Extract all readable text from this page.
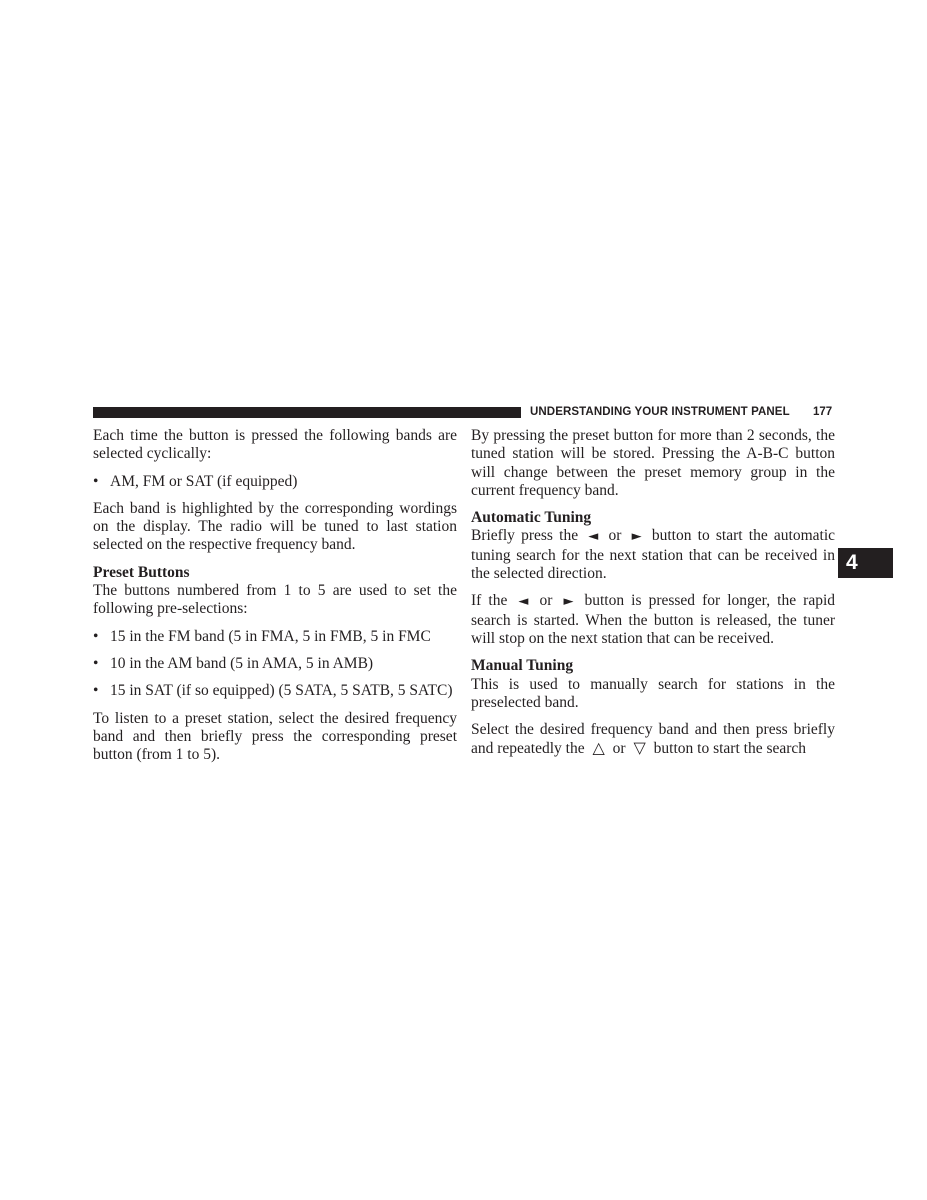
UNDERSTANDING YOUR INSTRUMENT PANEL 177
4

Each time the button is pressed the following bands are selected cyclically:

• AM, FM or SAT (if equipped)

Each band is highlighted by the corresponding wordings on the display. The radio will be tuned to last station selected on the respective frequency band.

Preset Buttons

The buttons numbered from 1 to 5 are used to set the following pre-selections:

• 15 in the FM band (5 in FMA, 5 in FMB, 5 in FMC
• 10 in the AM band (5 in AMA, 5 in AMB)
• 15 in SAT (if so equipped) (5 SATA, 5 SATB, 5 SATC)

To listen to a preset station, select the desired frequency band and then briefly press the corresponding preset button (from 1 to 5).

By pressing the preset button for more than 2 seconds, the tuned station will be stored. Pressing the A-B-C button will change between the preset memory group in the current frequency band.

Automatic Tuning

Briefly press the ◄ or ► button to start the automatic tuning search for the next station that can be received in the selected direction.

If the ◄ or ► button is pressed for longer, the rapid search is started. When the button is released, the tuner will stop on the next station that can be received.

Manual Tuning

This is used to manually search for stations in the preselected band.

Select the desired frequency band and then press briefly and repeatedly the △ or ▽ button to start the search
